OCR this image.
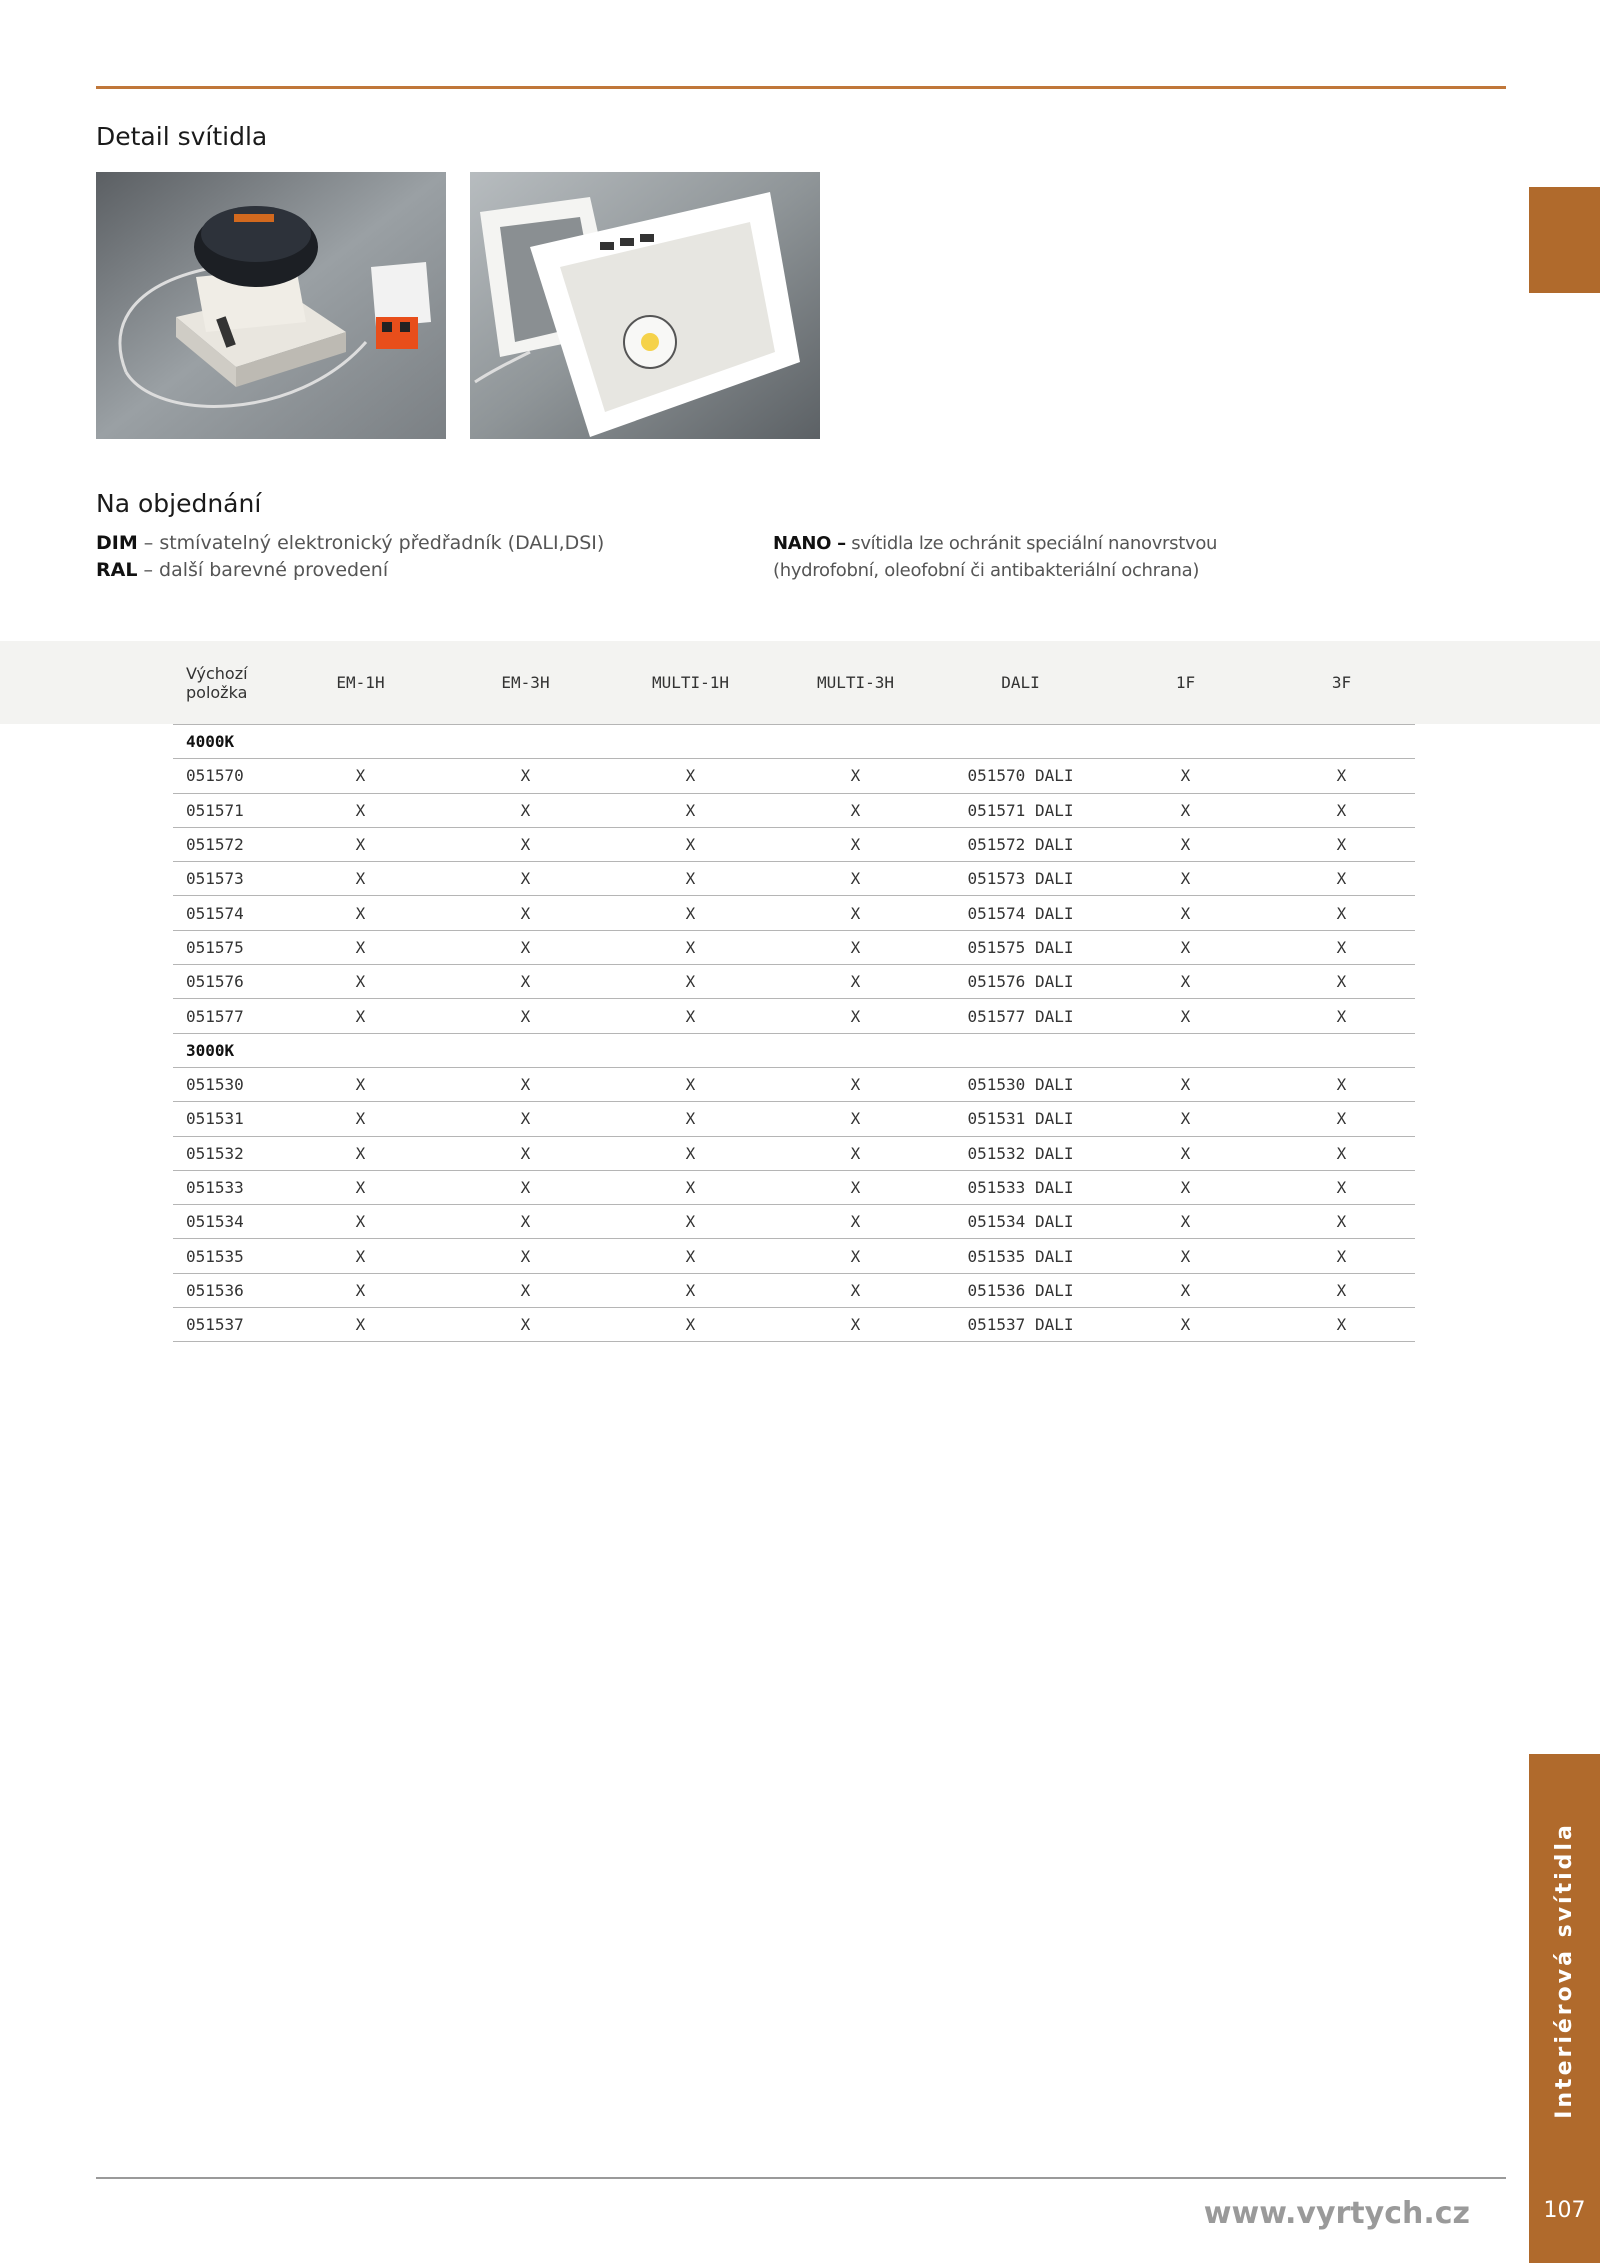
Detail svítidla
Na objednání
DIM – stmívatelný elektronický předřadník (DALI,DSI)
RAL – další barevné provedení
NANO – svítidla lze ochránit speciální nanovrstvou
(hydrofobní, oleofobní či antibakteriální ochrana)
Výchozí
položka	EM-1H	EM-3H	MULTI-1H	MULTI-3H	DALI	1F	3F
4000K							
051570	X	X	X	X	051570 DALI	X	X
051571	X	X	X	X	051571 DALI	X	X
051572	X	X	X	X	051572 DALI	X	X
051573	X	X	X	X	051573 DALI	X	X
051574	X	X	X	X	051574 DALI	X	X
051575	X	X	X	X	051575 DALI	X	X
051576	X	X	X	X	051576 DALI	X	X
051577	X	X	X	X	051577 DALI	X	X
3000K							
051530	X	X	X	X	051530 DALI	X	X
051531	X	X	X	X	051531 DALI	X	X
051532	X	X	X	X	051532 DALI	X	X
051533	X	X	X	X	051533 DALI	X	X
051534	X	X	X	X	051534 DALI	X	X
051535	X	X	X	X	051535 DALI	X	X
051536	X	X	X	X	051536 DALI	X	X
051537	X	X	X	X	051537 DALI	X	X
Interiérová svítidla
www.vyrtych.cz	107
